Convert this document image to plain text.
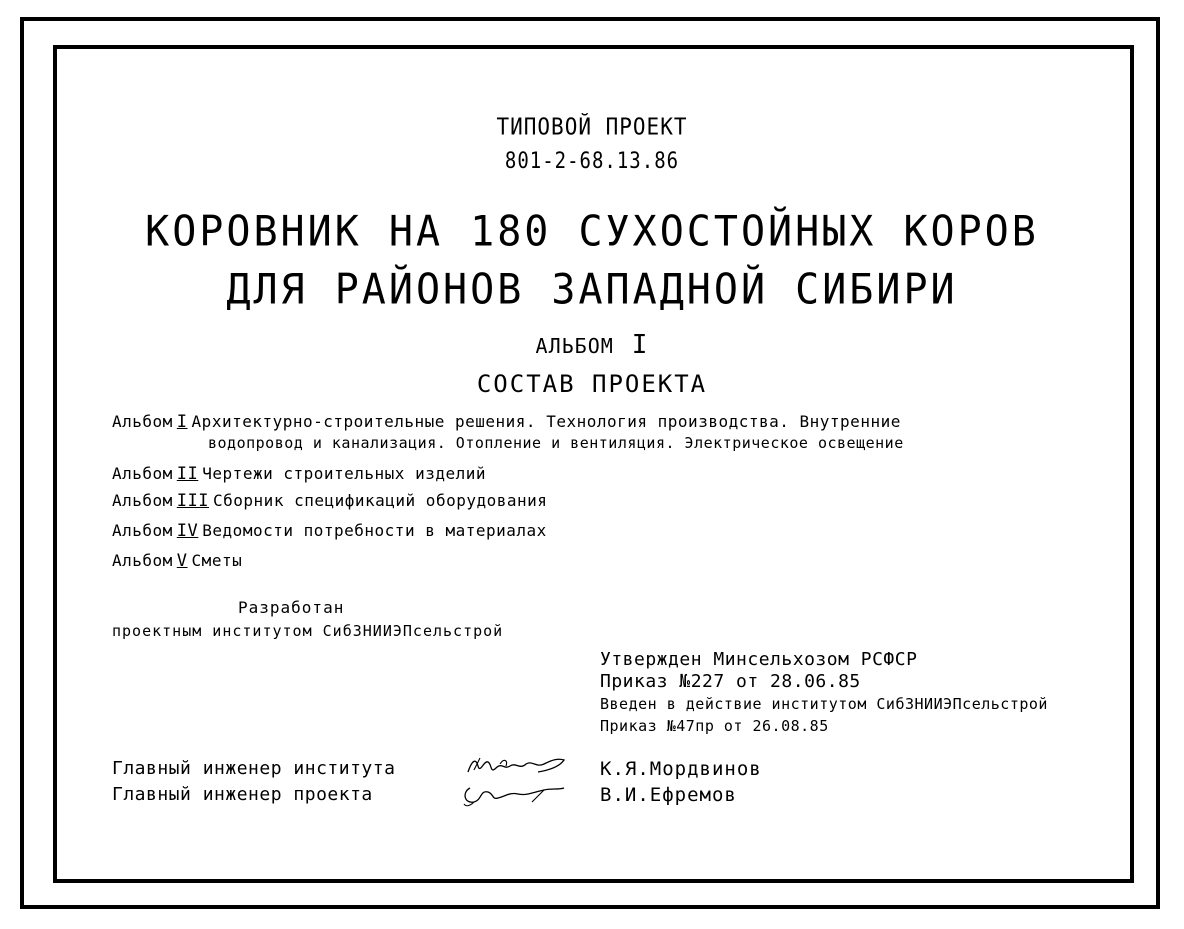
ТИПОВОЙ ПРОЕКТ
801-2-68.13.86
КОРОВНИК НА 180 СУХОСТОЙНЫХ КОРОВ
ДЛЯ РАЙОНОВ ЗАПАДНОЙ СИБИРИ
АЛЬБОМ I
СОСТАВ ПРОЕКТА
Альбом I Архитектурно-строительные решения. Технология производства. Внутренние
водопровод и канализация. Отопление и вентиляция. Электрическое освещение
Альбом II Чертежи строительных изделий
Альбом III Сборник спецификаций оборудования
Альбом IV Ведомости потребности в материалах
Альбом V Сметы
Разработан
проектным институтом СибЗНИИЭПсельстрой
Утвержден Минсельхозом РСФСР
Приказ №227 от 28.06.85
Введен в действие институтом СибЗНИИЭПсельстрой
Приказ №47пр от 26.08.85
Главный инженер института
Главный инженер проекта
К.Я.Мордвинов
В.И.Ефремов
